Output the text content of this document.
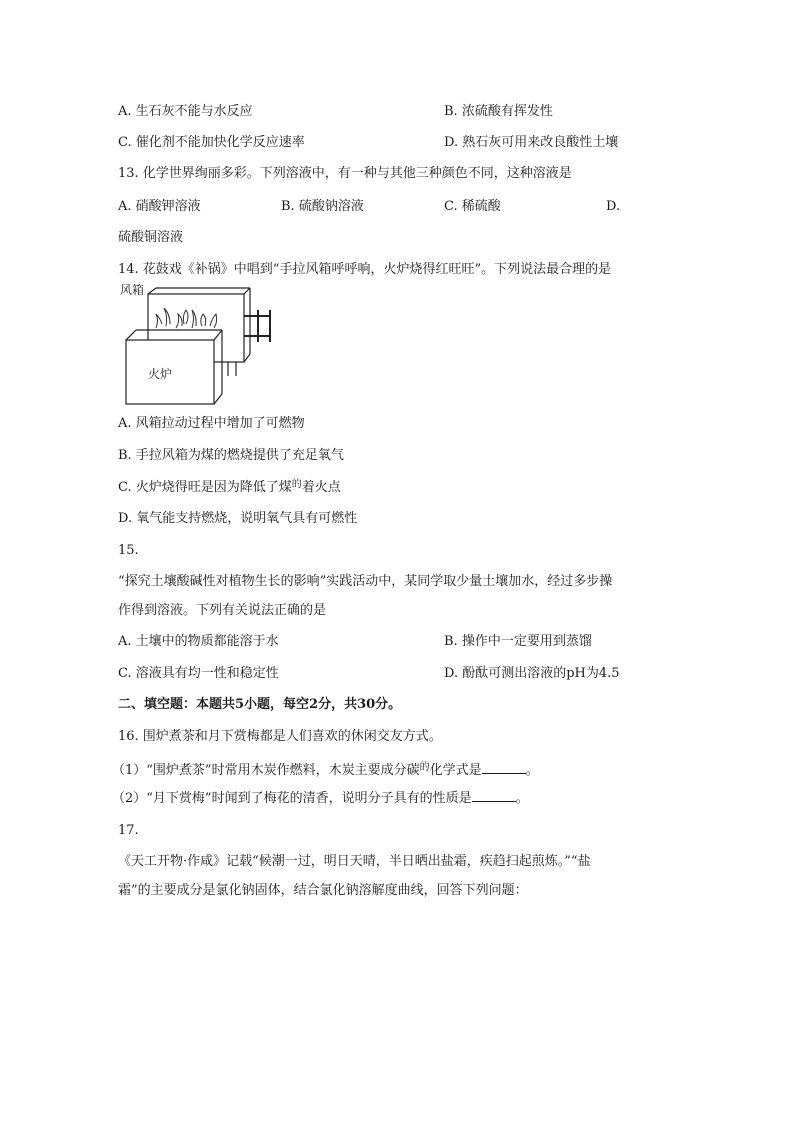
A. 生石灰不能与水反应	B. 浓硫酸有挥发性
C. 催化剂不能加快化学反应速率	D. 熟石灰可用来改良酸性土壤
13. 化学世界绚丽多彩。下列溶液中，有一种与其他三种颜色不同，这种溶液是
A. 硝酸钾溶液	B. 硫酸钠溶液	C. 稀硫酸	D.
硫酸铜溶液
14. 花鼓戏《补锅》中唱到“手拉风箱呼呼响，火炉烧得红旺旺”。下列说法最合理的是
风箱
火炉
A. 风箱拉动过程中增加了可燃物
B. 手拉风箱为煤的燃烧提供了充足氧气
C. 火炉烧得旺是因为降低了煤$^的$着火点
D. 氧气能支持燃烧，说明氧气具有可燃性
15.
“探究土壤酸碱性对植物生长的影响”实践活动中，某同学取少量土壤加水，经过多步操
作得到溶液。下列有关说法正确的是
A. 土壤中的物质都能溶于水	B. 操作中一定要用到蒸馏
C. 溶液具有均一性和稳定性	D. 酚酞可测出溶液的pH为4.5
二、填空题：本题共5小题，每空2分，共30分。
16. 围炉煮茶和月下赏梅都是人们喜欢的休闲交友方式。
（1）“围炉煮茶”时常用木炭作燃料，木炭主要成分碳$^的$化学式是	。
（2）“月下赏梅”时闻到了梅花的清香，说明分子具有的性质是	。
17.
《天工开物·作咸》记载“候潮一过，明日天晴，半日晒出盐霜，疾趋扫起煎炼。”“盐
霜”的主要成分是氯化钠固体，结合氯化钠溶解度曲线，回答下列问题：
